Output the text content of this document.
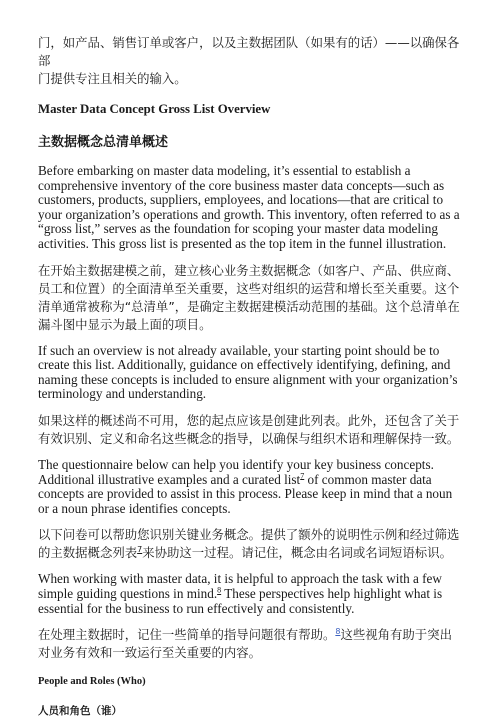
门，如产品、销售订单或客户，以及主数据团队（如果有的话）——以确保各部
门提供专注且相关的输入。

Master Data Concept Gross List Overview
主数据概念总清单概述

Before embarking on master data modeling, it’s essential to establish a comprehensive inventory of the core business master data concepts—such as customers, products, suppliers, employees, and locations—that are critical to your organization’s operations and growth. This inventory, often referred to as a “gross list,” serves as the foundation for scoping your master data modeling activities. This gross list is presented as the top item in the funnel illustration.

在开始主数据建模之前，建立核心业务主数据概念（如客户、产品、供应商、员工和位置）的全面清单至关重要，这些对组织的运营和增长至关重要。这个清单通常被称为“总清单”，是确定主数据建模活动范围的基础。这个总清单在漏斗图中显示为最上面的项目。

If such an overview is not already available, your starting point should be to create this list. Additionally, guidance on effectively identifying, defining, and naming these concepts is included to ensure alignment with your organization’s terminology and understanding.

如果这样的概述尚不可用，您的起点应该是创建此列表。此外，还包含了关于有效识别、定义和命名这些概念的指导，以确保与组织术语和理解保持一致。

The questionnaire below can help you identify your key business concepts. Additional illustrative examples and a curated list$^7$ of common master data concepts are provided to assist in this process. Please keep in mind that a noun or a noun phrase identifies concepts.

以下问卷可以帮助您识别关键业务概念。提供了额外的说明性示例和经过筛选的主数据概念列表$^7$来协助这一过程。请记住，概念由名词或名词短语标识。

When working with master data, it is helpful to approach the task with a few simple guiding questions in mind.$^8$ These perspectives help highlight what is essential for the business to run effectively and consistently.

在处理主数据时，记住一些简单的指导问题很有帮助。$^8$这些视角有助于突出对业务有效和一致运行至关重要的内容。

People and Roles (Who)
人员和角色（谁）
